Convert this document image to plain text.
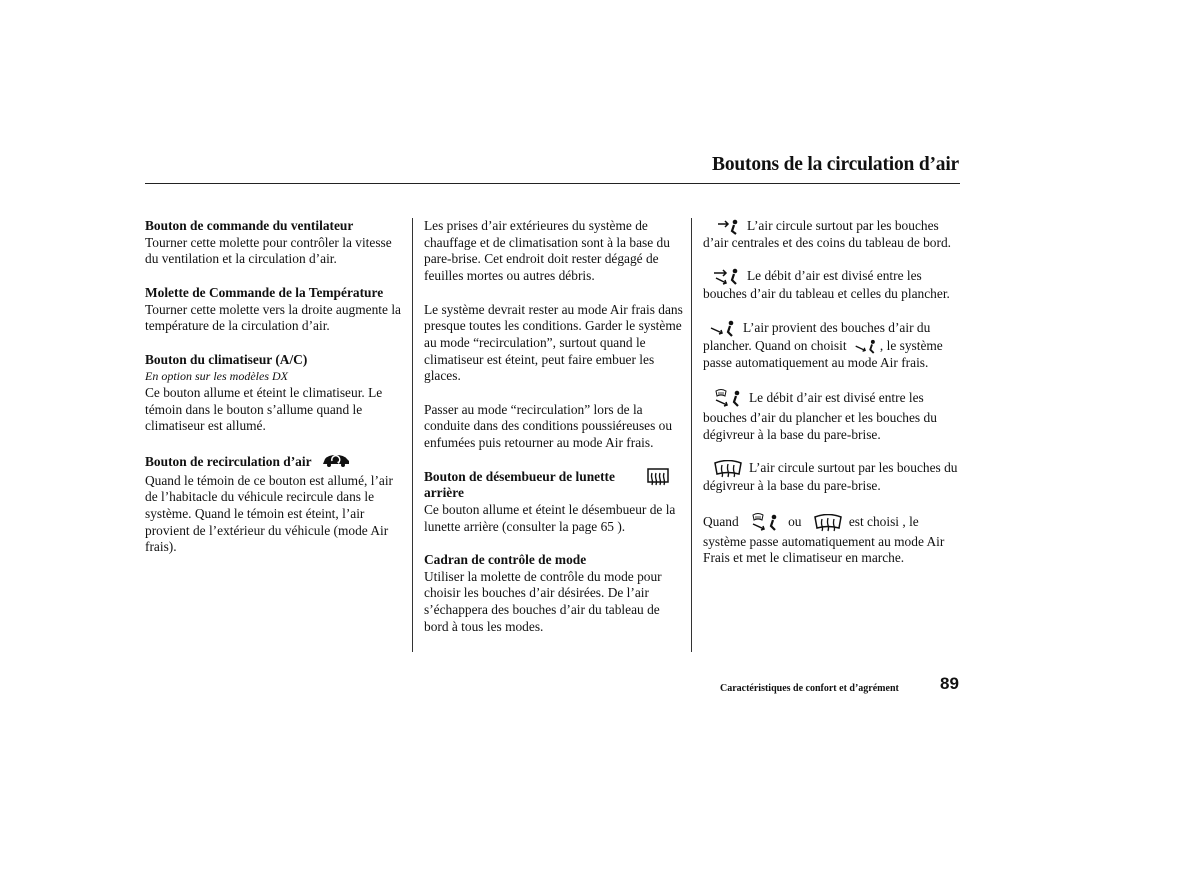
Boutons de la circulation d’air
Bouton de commande du ventilateur
Tourner cette molette pour contrôler la vitesse du ventilation et la circulation d’air.
Molette de Commande de la Température
Tourner cette molette vers la droite augmente la température de la circulation d’air.
Bouton du climatiseur (A/C)
En option sur les modèles DX
Ce bouton allume et éteint le climatiseur. Le témoin dans le bouton s’allume quand le climatiseur est allumé.
Bouton de recirculation d’air
Quand le témoin de ce bouton est allumé, l’air de l’habitacle du véhicule recircule dans le système. Quand le témoin est éteint, l’air provient de l’extérieur du véhicule (mode Air frais).
Les prises d’air extérieures du système de chauffage et de climatisation sont à la base du pare-brise. Cet endroit doit rester dégagé de feuilles mortes ou autres débris.
Le système devrait rester au mode Air frais dans presque toutes les conditions. Garder le système au mode “recirculation”, surtout quand le climatiseur est éteint, peut faire embuer les glaces.
Passer au mode “recirculation” lors de la conduite dans des conditions poussiéreuses ou enfumées puis retourner au mode Air frais.
Bouton de désembueur de lunette arrière
Ce bouton allume et éteint le désembueur de la lunette arrière (consulter la page 65 ).
Cadran de contrôle de mode
Utiliser la molette de contrôle du mode pour choisir les bouches d’air désirées. De l’air s’échappera des bouches d’air du tableau de bord à tous les modes.
L’air circule surtout par les bouches d’air centrales et des coins du tableau de bord.
Le débit d’air est divisé entre les bouches d’air du tableau et celles du plancher.
L’air provient des bouches d’air du plancher. Quand on choisit , le système passe automatiquement au mode Air frais.
Le débit d’air est divisé entre les bouches d’air du plancher et les bouches du dégivreur à la base du pare-brise.
L’air circule surtout par les bouches du dégivreur à la base du pare-brise.
Quand	ou	est choisi , le système passe automatiquement au mode Air Frais et met le climatiseur en marche.
Caractéristiques de confort et d’agrément 89
